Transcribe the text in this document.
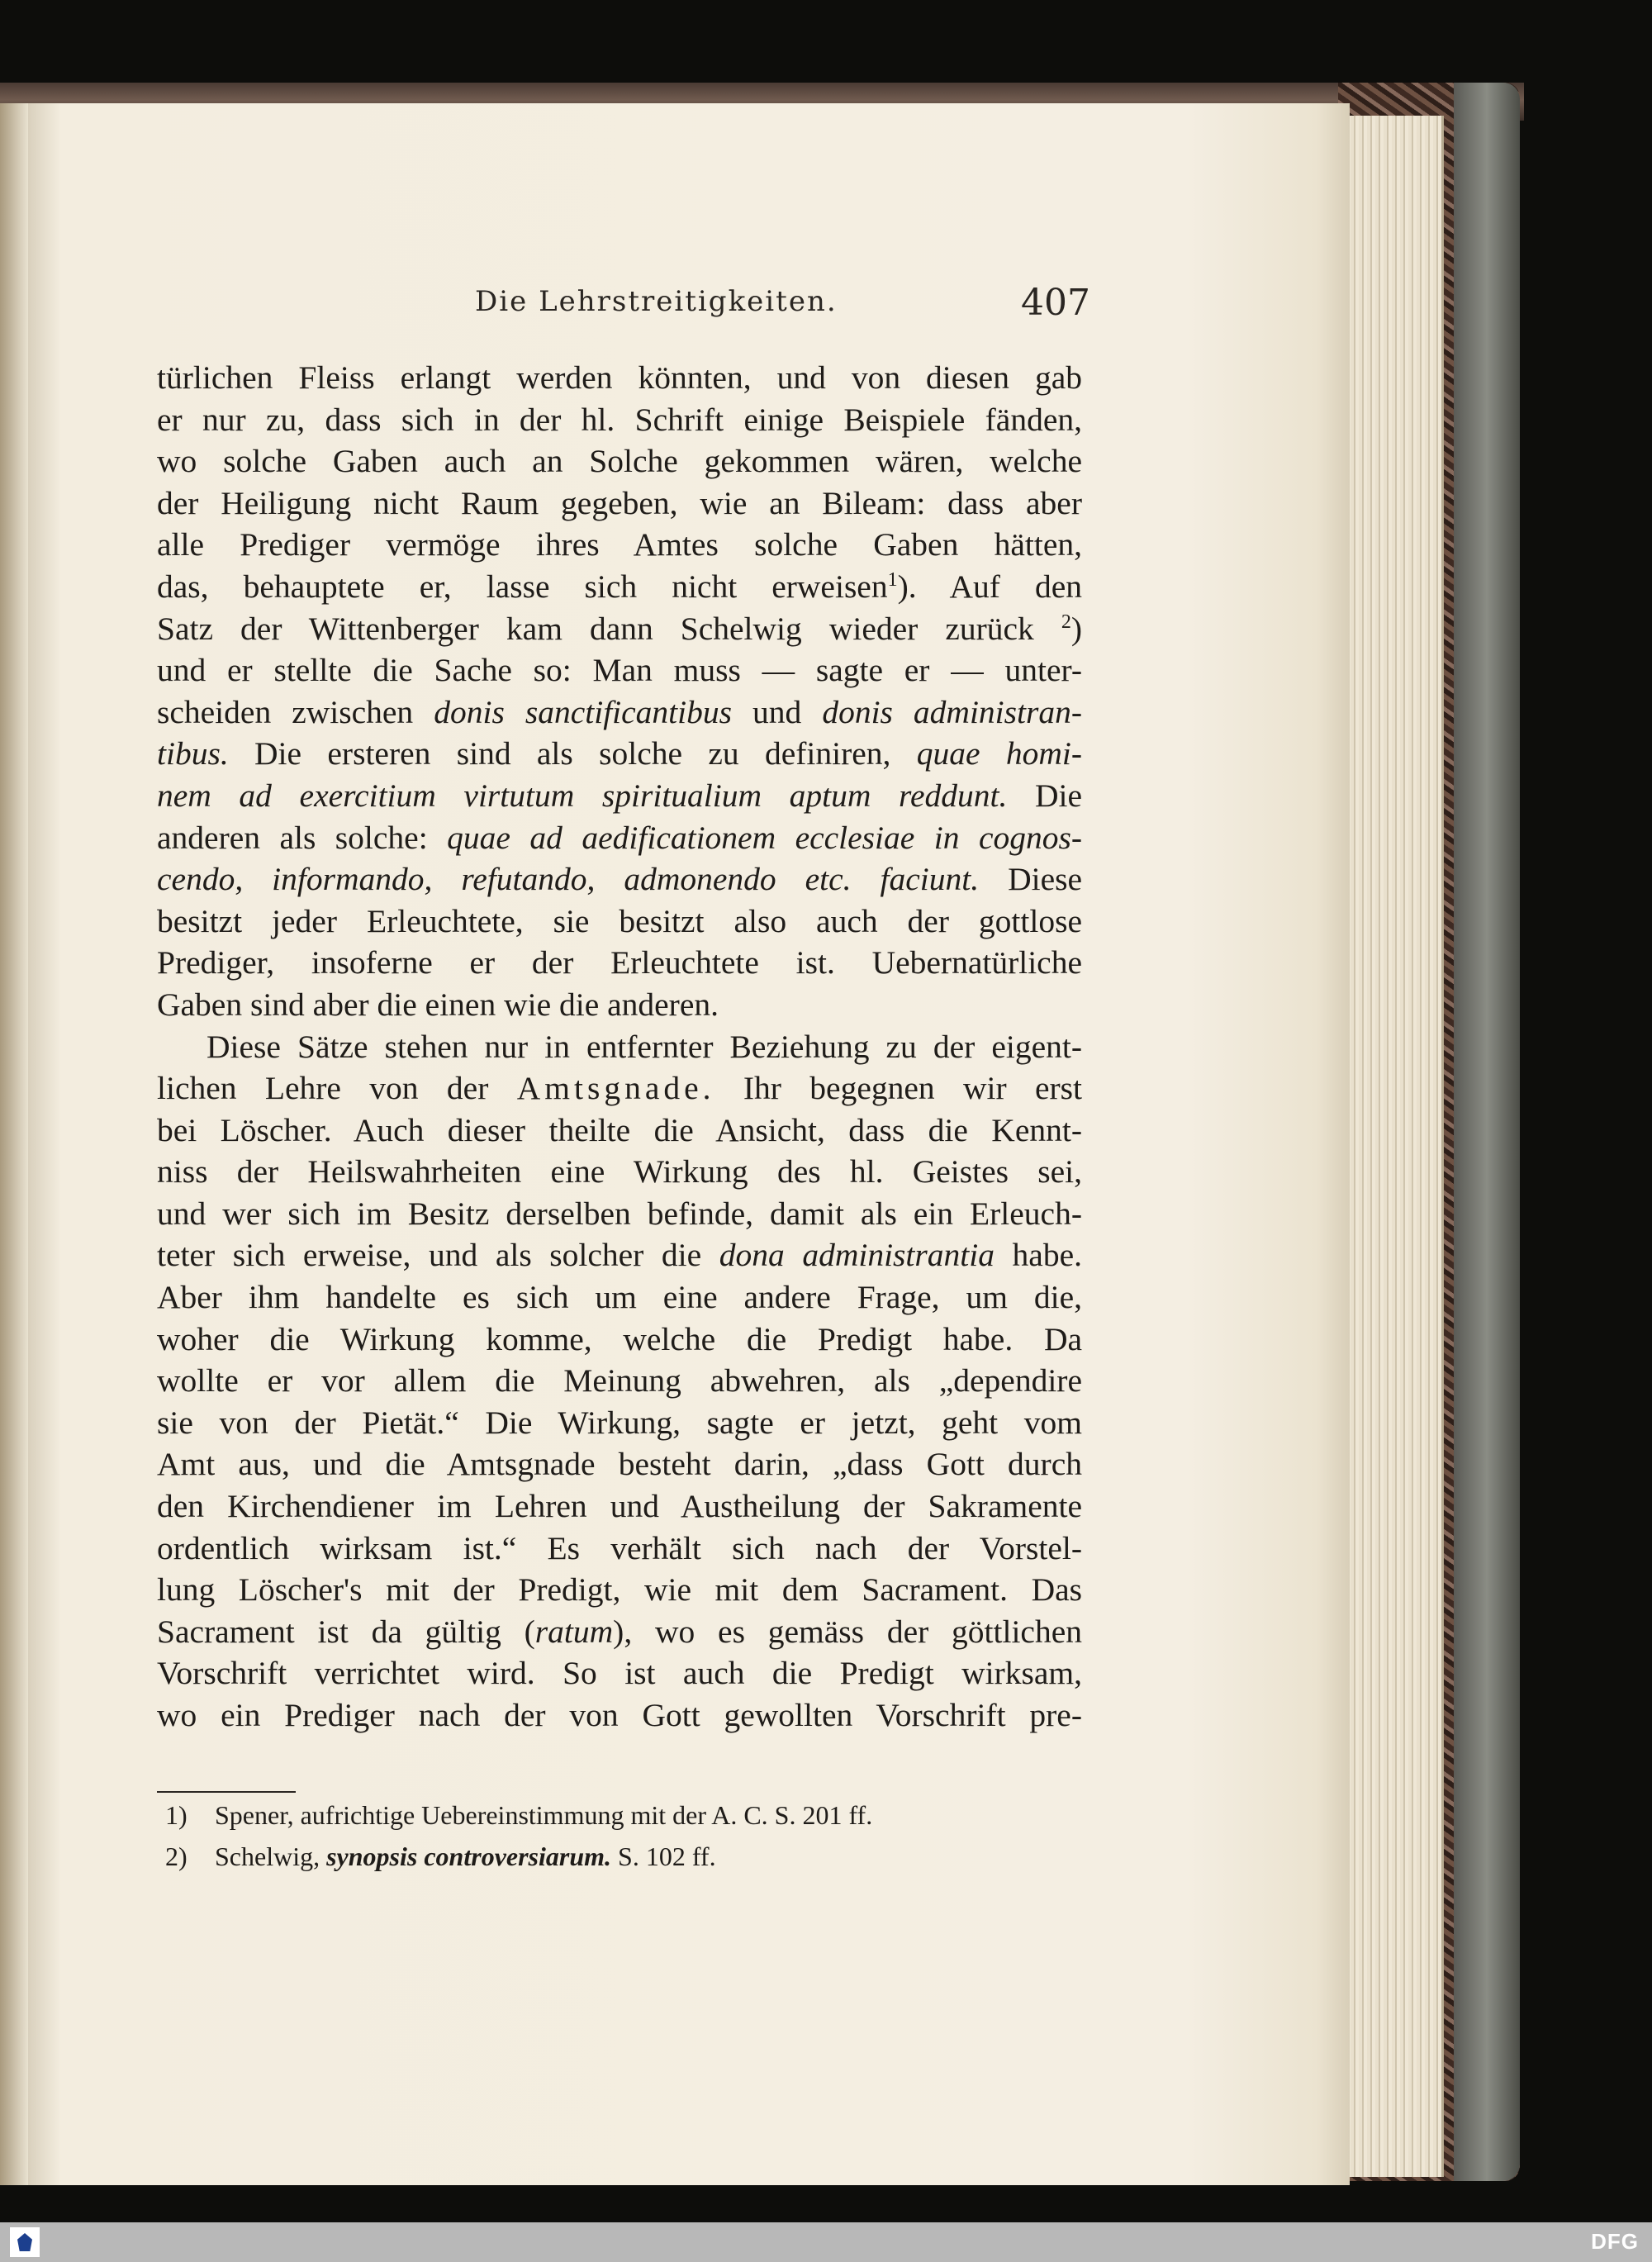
Die Lehrstreitigkeiten.	407
türlichen Fleiss erlangt werden könnten, und von diesen gab
er nur zu, dass sich in der hl. Schrift einige Beispiele fänden,
wo solche Gaben auch an Solche gekommen wären, welche
der Heiligung nicht Raum gegeben, wie an Bileam: dass aber
alle Prediger vermöge ihres Amtes solche Gaben hätten,
das, behauptete er, lasse sich nicht erweisen$^1$). Auf den
Satz der Wittenberger kam dann Schelwig wieder zurück $^2$)
und er stellte die Sache so: Man muss — sagte er — unter-
scheiden zwischen donis sanctificantibus und donis administran-
tibus. Die ersteren sind als solche zu definiren, quae homi-
nem ad exercitium virtutum spiritualium aptum reddunt. Die
anderen als solche: quae ad aedificationem ecclesiae in cognos-
cendo, informando, refutando, admonendo etc. faciunt. Diese
besitzt jeder Erleuchtete, sie besitzt also auch der gottlose
Prediger, insoferne er der Erleuchtete ist. Uebernatürliche
Gaben sind aber die einen wie die anderen.
Diese Sätze stehen nur in entfernter Beziehung zu der eigent-
lichen Lehre von der Amtsgnade. Ihr begegnen wir erst
bei Löscher. Auch dieser theilte die Ansicht, dass die Kennt-
niss der Heilswahrheiten eine Wirkung des hl. Geistes sei,
und wer sich im Besitz derselben befinde, damit als ein Erleuch-
teter sich erweise, und als solcher die dona administrantia habe.
Aber ihm handelte es sich um eine andere Frage, um die,
woher die Wirkung komme, welche die Predigt habe. Da
wollte er vor allem die Meinung abwehren, als „dependire
sie von der Pietät.“ Die Wirkung, sagte er jetzt, geht vom
Amt aus, und die Amtsgnade besteht darin, „dass Gott durch
den Kirchendiener im Lehren und Austheilung der Sakramente
ordentlich wirksam ist.“ Es verhält sich nach der Vorstel-
lung Löscher's mit der Predigt, wie mit dem Sacrament. Das
Sacrament ist da gültig (ratum), wo es gemäss der göttlichen
Vorschrift verrichtet wird. So ist auch die Predigt wirksam,
wo ein Prediger nach der von Gott gewollten Vorschrift pre-
1) Spener, aufrichtige Uebereinstimmung mit der A. C. S. 201 ff.
2) Schelwig, synopsis controversiarum. S. 102 ff.
DFG
